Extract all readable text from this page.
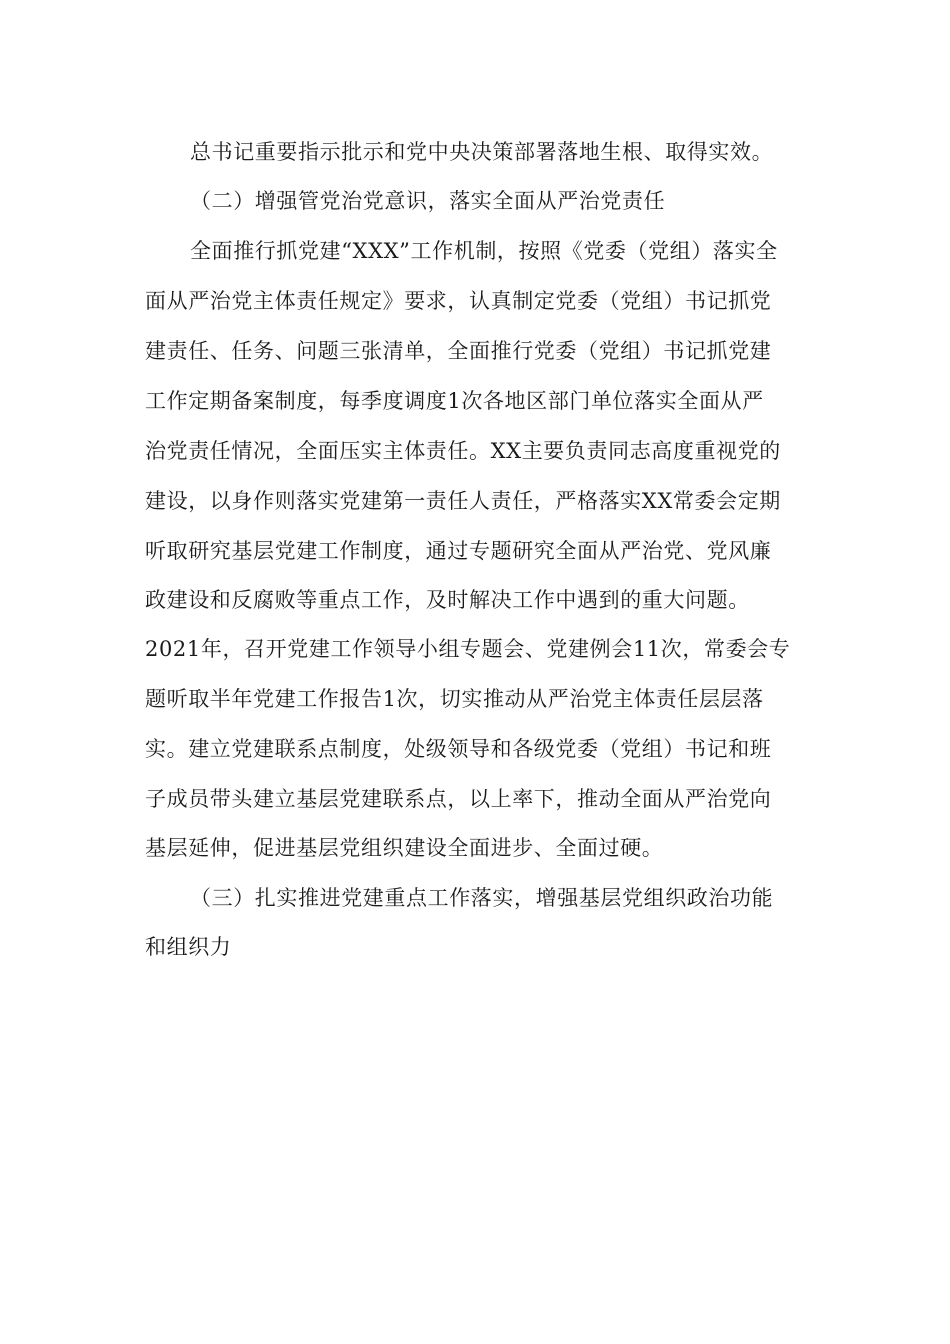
总书记重要指示批示和党中央决策部署落地生根、取得实效。
（二）增强管党治党意识，落实全面从严治党责任
全面推行抓党建“XXX”工作机制，按照《党委（党组）落实全
面从严治党主体责任规定》要求，认真制定党委（党组）书记抓党
建责任、任务、问题三张清单，全面推行党委（党组）书记抓党建
工作定期备案制度，每季度调度1次各地区部门单位落实全面从严
治党责任情况，全面压实主体责任。XX主要负责同志高度重视党的
建设，以身作则落实党建第一责任人责任，严格落实XX常委会定期
听取研究基层党建工作制度，通过专题研究全面从严治党、党风廉
政建设和反腐败等重点工作，及时解决工作中遇到的重大问题。
2021年，召开党建工作领导小组专题会、党建例会11次，常委会专
题听取半年党建工作报告1次，切实推动从严治党主体责任层层落
实。建立党建联系点制度，处级领导和各级党委（党组）书记和班
子成员带头建立基层党建联系点，以上率下，推动全面从严治党向
基层延伸，促进基层党组织建设全面进步、全面过硬。
（三）扎实推进党建重点工作落实，增强基层党组织政治功能
和组织力
